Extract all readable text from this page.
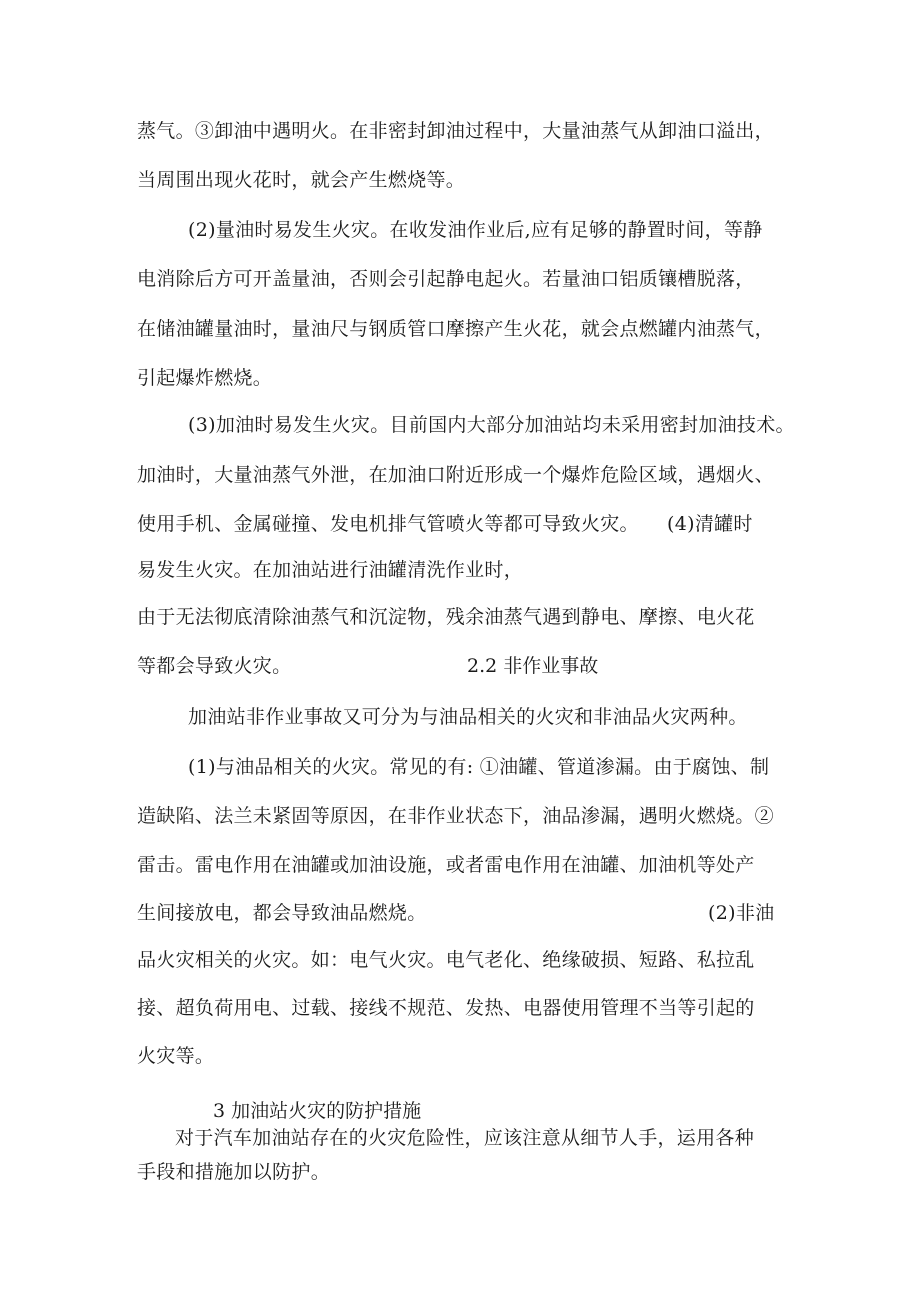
蒸气。③卸油中遇明火。在非密封卸油过程中，大量油蒸气从卸油口溢出，
当周围出现火花时，就会产生燃烧等。
(2)量油时易发生火灾。在收发油作业后,应有足够的静置时间，等静
电消除后方可开盖量油，否则会引起静电起火。若量油口铝质镶槽脱落，
在储油罐量油时，量油尺与钢质管口摩擦产生火花，就会点燃罐内油蒸气，
引起爆炸燃烧。
(3)加油时易发生火灾。目前国内大部分加油站均未采用密封加油技术。
加油时，大量油蒸气外泄，在加油口附近形成一个爆炸危险区域，遇烟火、
使用手机、金属碰撞、发电机排气管喷火等都可导致火灾。 (4)清罐时
易发生火灾。在加油站进行油罐清洗作业时，
由于无法彻底清除油蒸气和沉淀物，残余油蒸气遇到静电、摩擦、电火花
等都会导致火灾。	2.2 非作业事故
加油站非作业事故又可分为与油品相关的火灾和非油品火灾两种。
(1)与油品相关的火灾。常见的有: ①油罐、管道渗漏。由于腐蚀、制
造缺陷、法兰未紧固等原因，在非作业状态下，油品渗漏，遇明火燃烧。②
雷击。雷电作用在油罐或加油设施，或者雷电作用在油罐、加油机等处产
生间接放电，都会导致油品燃烧。	(2)非油
品火灾相关的火灾。如：电气火灾。电气老化、绝缘破损、短路、私拉乱
接、超负荷用电、过载、接线不规范、发热、电器使用管理不当等引起的
火灾等。
3 加油站火灾的防护措施
对于汽车加油站存在的火灾危险性，应该注意从细节人手，运用各种
手段和措施加以防护。
